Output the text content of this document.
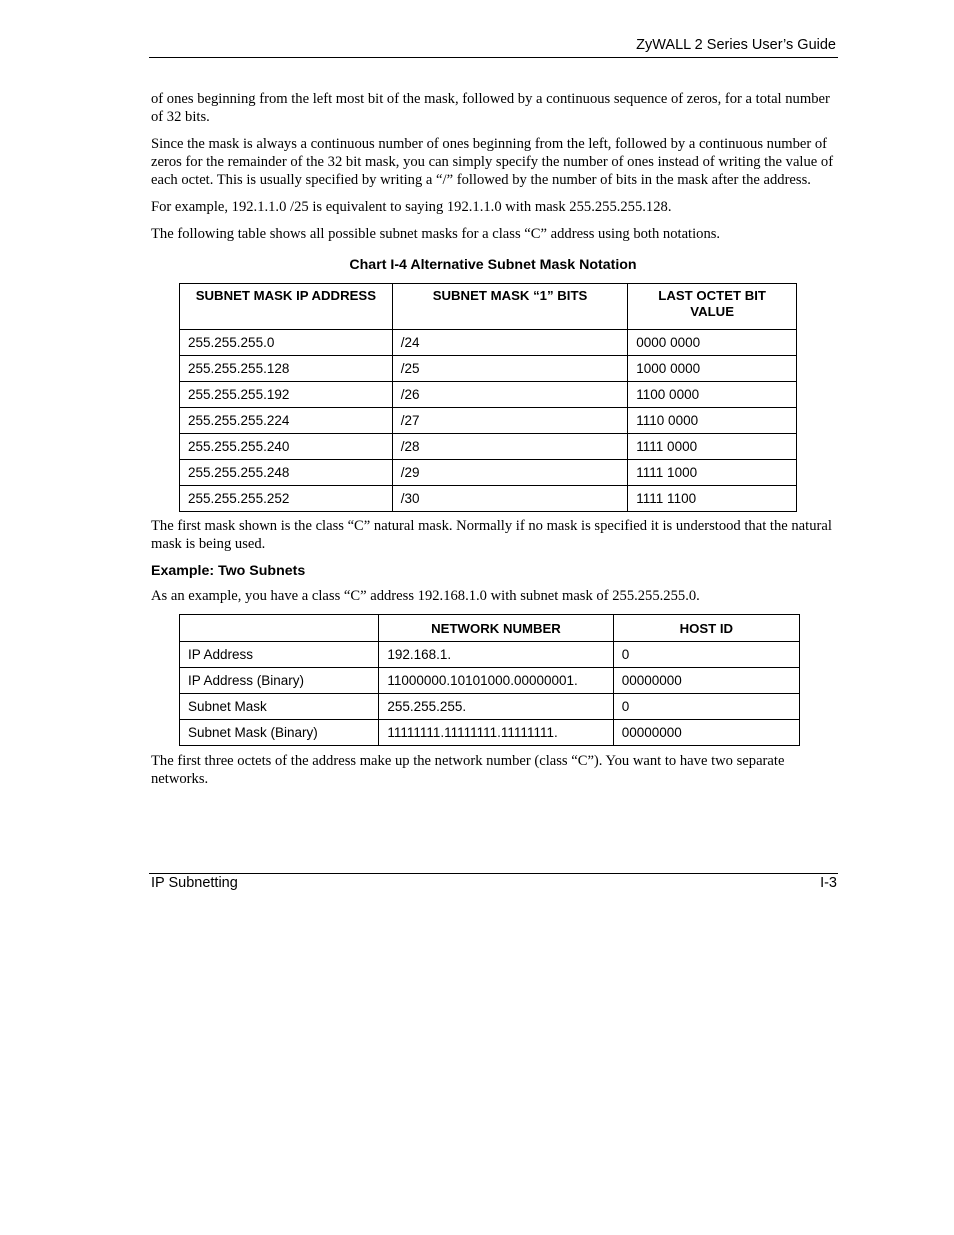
ZyWALL 2 Series User’s Guide

of ones beginning from the left most bit of the mask, followed by a continuous sequence of zeros, for a total number of 32 bits.

Since the mask is always a continuous number of ones beginning from the left, followed by a continuous number of zeros for the remainder of the 32 bit mask, you can simply specify the number of ones instead of writing the value of each octet. This is usually specified by writing a “/” followed by the number of bits in the mask after the address.

For example, 192.1.1.0 /25 is equivalent to saying 192.1.1.0 with mask 255.255.255.128.

The following table shows all possible subnet masks for a class “C” address using both notations.

Chart I-4 Alternative Subnet Mask Notation
SUBNET MASK IP ADDRESS	SUBNET MASK “1” BITS	LAST OCTET BIT VALUE
255.255.255.0	/24	0000 0000
255.255.255.128	/25	1000 0000
255.255.255.192	/26	1100 0000
255.255.255.224	/27	1110 0000
255.255.255.240	/28	1111 0000
255.255.255.248	/29	1111 1000
255.255.255.252	/30	1111 1100

The first mask shown is the class “C” natural mask. Normally if no mask is specified it is understood that the natural mask is being used.

Example: Two Subnets

As an example, you have a class “C” address 192.168.1.0 with subnet mask of 255.255.255.0.

	NETWORK NUMBER	HOST ID
IP Address	192.168.1.	0
IP Address (Binary)	11000000.10101000.00000001.	00000000
Subnet Mask	255.255.255.	0
Subnet Mask (Binary)	11111111.11111111.11111111.	00000000

The first three octets of the address make up the network number (class “C”). You want to have two separate networks.

IP Subnetting	I-3
